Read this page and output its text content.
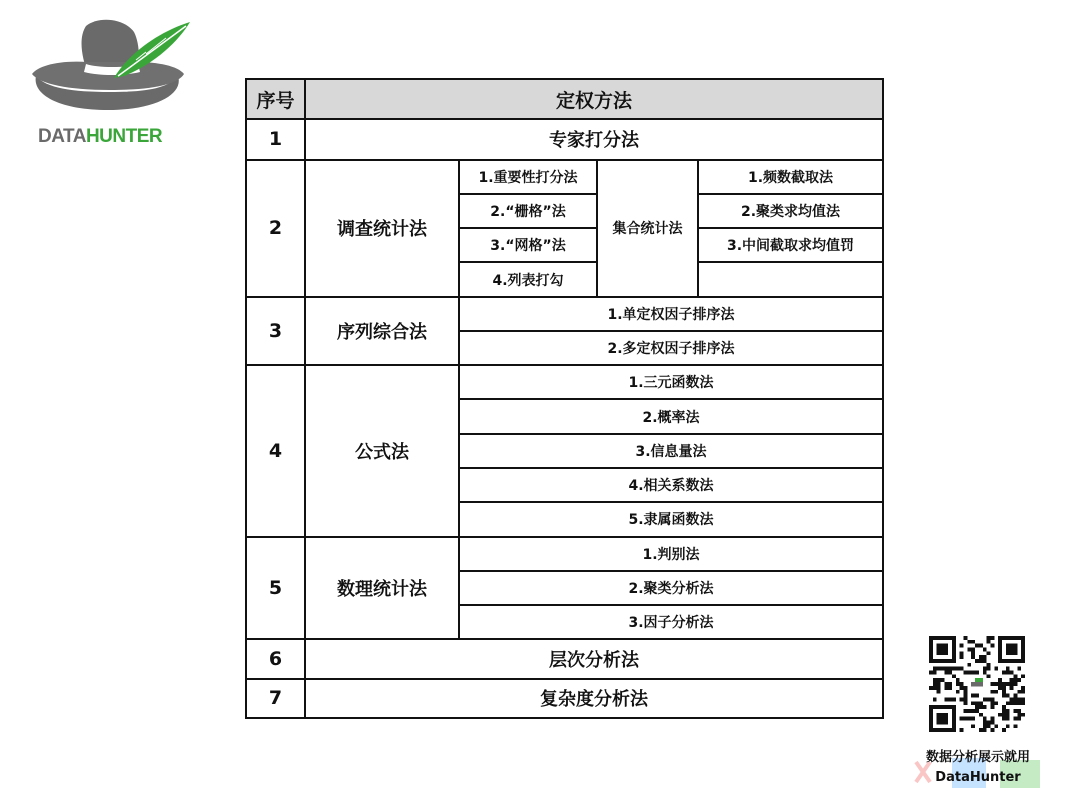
DATAHUNTER
序号	定权方法			
1	专家打分法			
2	调查统计法	1.重要性打分法	集合统计法	1.频数截取法
		2.“栅格”法		2.聚类求均值法
		3.“网格”法		3.中间截取求均值罚
		4.列表打勾		
3	序列综合法	1.单定权因子排序法		
		2.多定权因子排序法		
4	公式法	1.三元函数法		
		2.概率法		
		3.信息量法		
		4.相关系数法		
		5.隶属函数法		
5	数理统计法	1.判别法		
		2.聚类分析法		
		3.因子分析法		
6	层次分析法			
7	复杂度分析法			
数据分析展示就用
DataHunter
